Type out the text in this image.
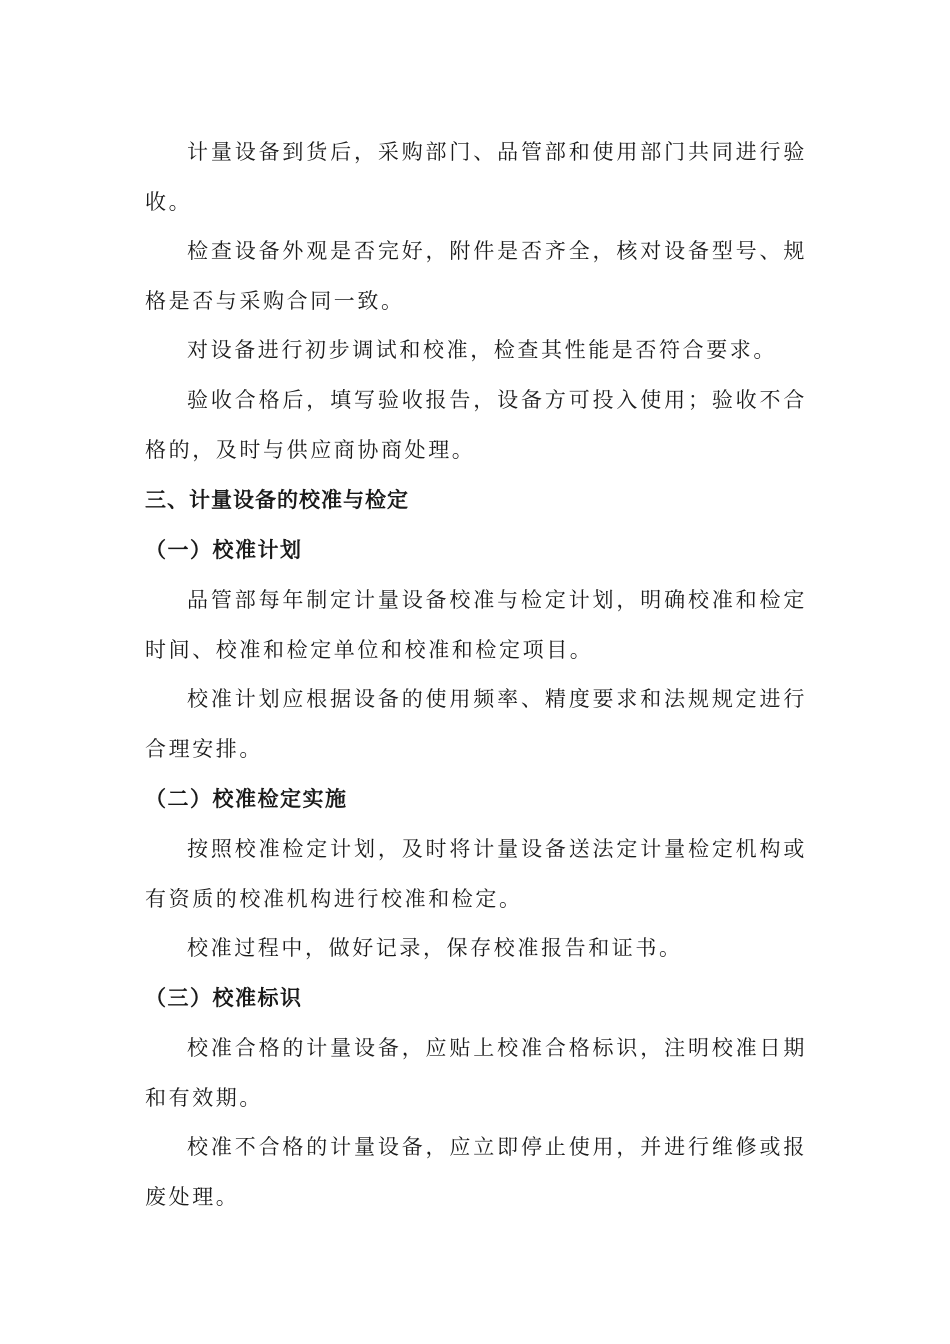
计量设备到货后，采购部门、品管部和使用部门共同进行验收。

检查设备外观是否完好，附件是否齐全，核对设备型号、规格是否与采购合同一致。

对设备进行初步调试和校准，检查其性能是否符合要求。

验收合格后，填写验收报告，设备方可投入使用；验收不合格的，及时与供应商协商处理。

三、计量设备的校准与检定
（一）校准计划

品管部每年制定计量设备校准与检定计划，明确校准和检定时间、校准和检定单位和校准和检定项目。

校准计划应根据设备的使用频率、精度要求和法规规定进行合理安排。

（二）校准检定实施

按照校准检定计划，及时将计量设备送法定计量检定机构或有资质的校准机构进行校准和检定。

校准过程中，做好记录，保存校准报告和证书。

（三）校准标识

校准合格的计量设备，应贴上校准合格标识，注明校准日期和有效期。

校准不合格的计量设备，应立即停止使用，并进行维修或报废处理。
